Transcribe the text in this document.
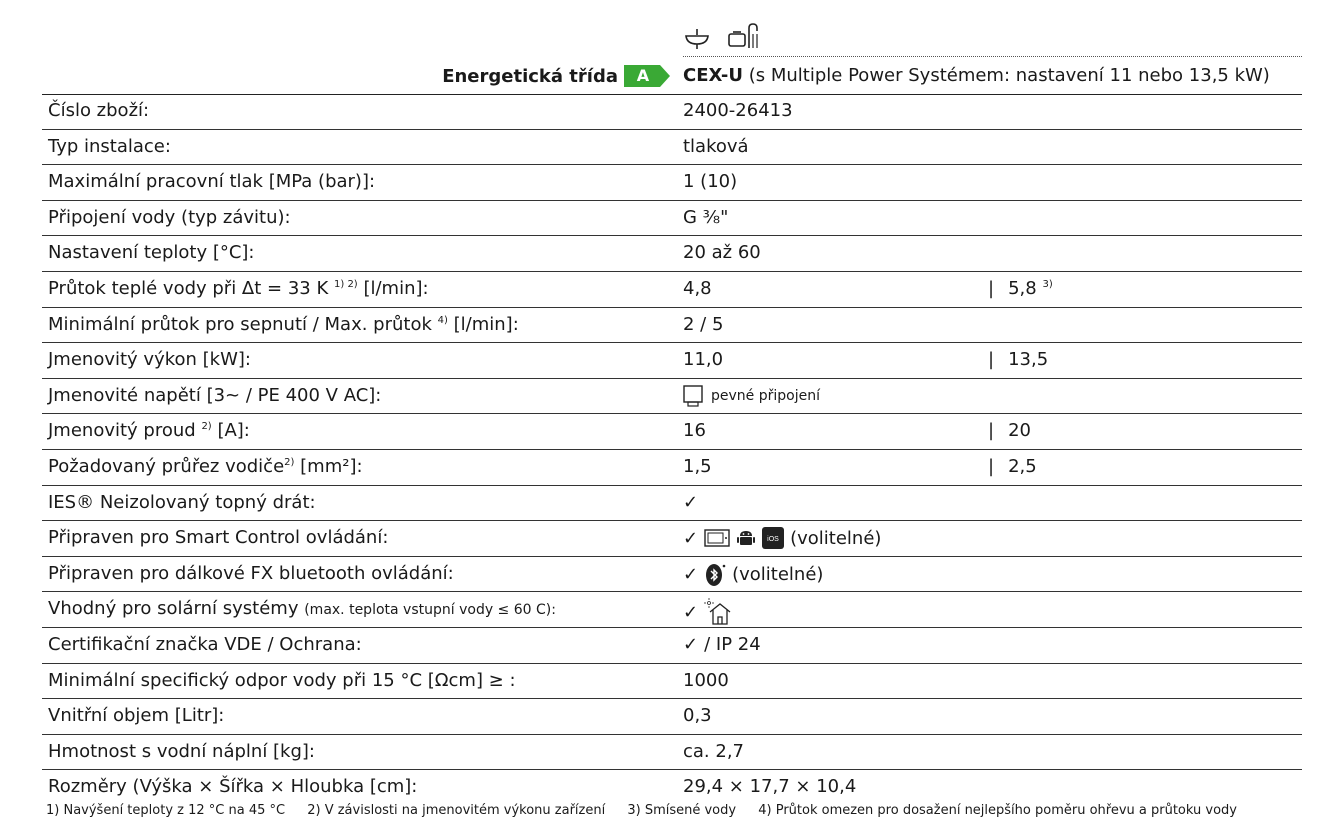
Energetická třída	A	CEX-U (s Multiple Power Systémem: nastavení 11 nebo 13,5 kW)
Číslo zboží:	2400-26413
Typ instalace:	tlaková
Maximální pracovní tlak [MPa (bar)]:	1 (10)
Připojení vody (typ závitu):	G ⅜"
Nastavení teploty [°C]:	20 až 60
Průtok teplé vody při Δt = 33 K $^{1) 2)}$ [l/min]:	4,8	| 5,8 $^{3)}$
Minimální průtok pro sepnutí / Max. průtok $^{4)}$ [l/min]:	2 / 5
Jmenovitý výkon [kW]:	11,0	| 13,5
Jmenovité napětí [3~ / PE 400 V AC]:	pevné připojení
Jmenovitý proud $^{2)}$ [A]:	16	| 20
Požadovaný průřez vodiče$^{2)}$ [mm²]:	1,5	| 2,5
IES® Neizolovaný topný drát:	✓
Připraven pro Smart Control ovládání:	✓	iOS (volitelné)
Připraven pro dálkové FX bluetooth ovládání:	✓ (volitelné)
Vhodný pro solární systémy (max. teplota vstupní vody ≤ 60 C):	✓
Certifikační značka VDE / Ochrana:	✓ / IP 24
Minimální specifický odpor vody při 15 °C [Ωcm] ≥ :	1000
Vnitřní objem [Litr]:	0,3
Hmotnost s vodní náplní [kg]:	ca. 2,7
Rozměry (Výška × Šířka × Hloubka [cm]:	29,4 × 17,7 × 10,4
1) Navýšení teploty z 12 °C na 45 °C 2) V závislosti na jmenovitém výkonu zařízení 3) Smísené vody 4) Průtok omezen pro dosažení nejlepšího poměru ohřevu a průtoku vody
